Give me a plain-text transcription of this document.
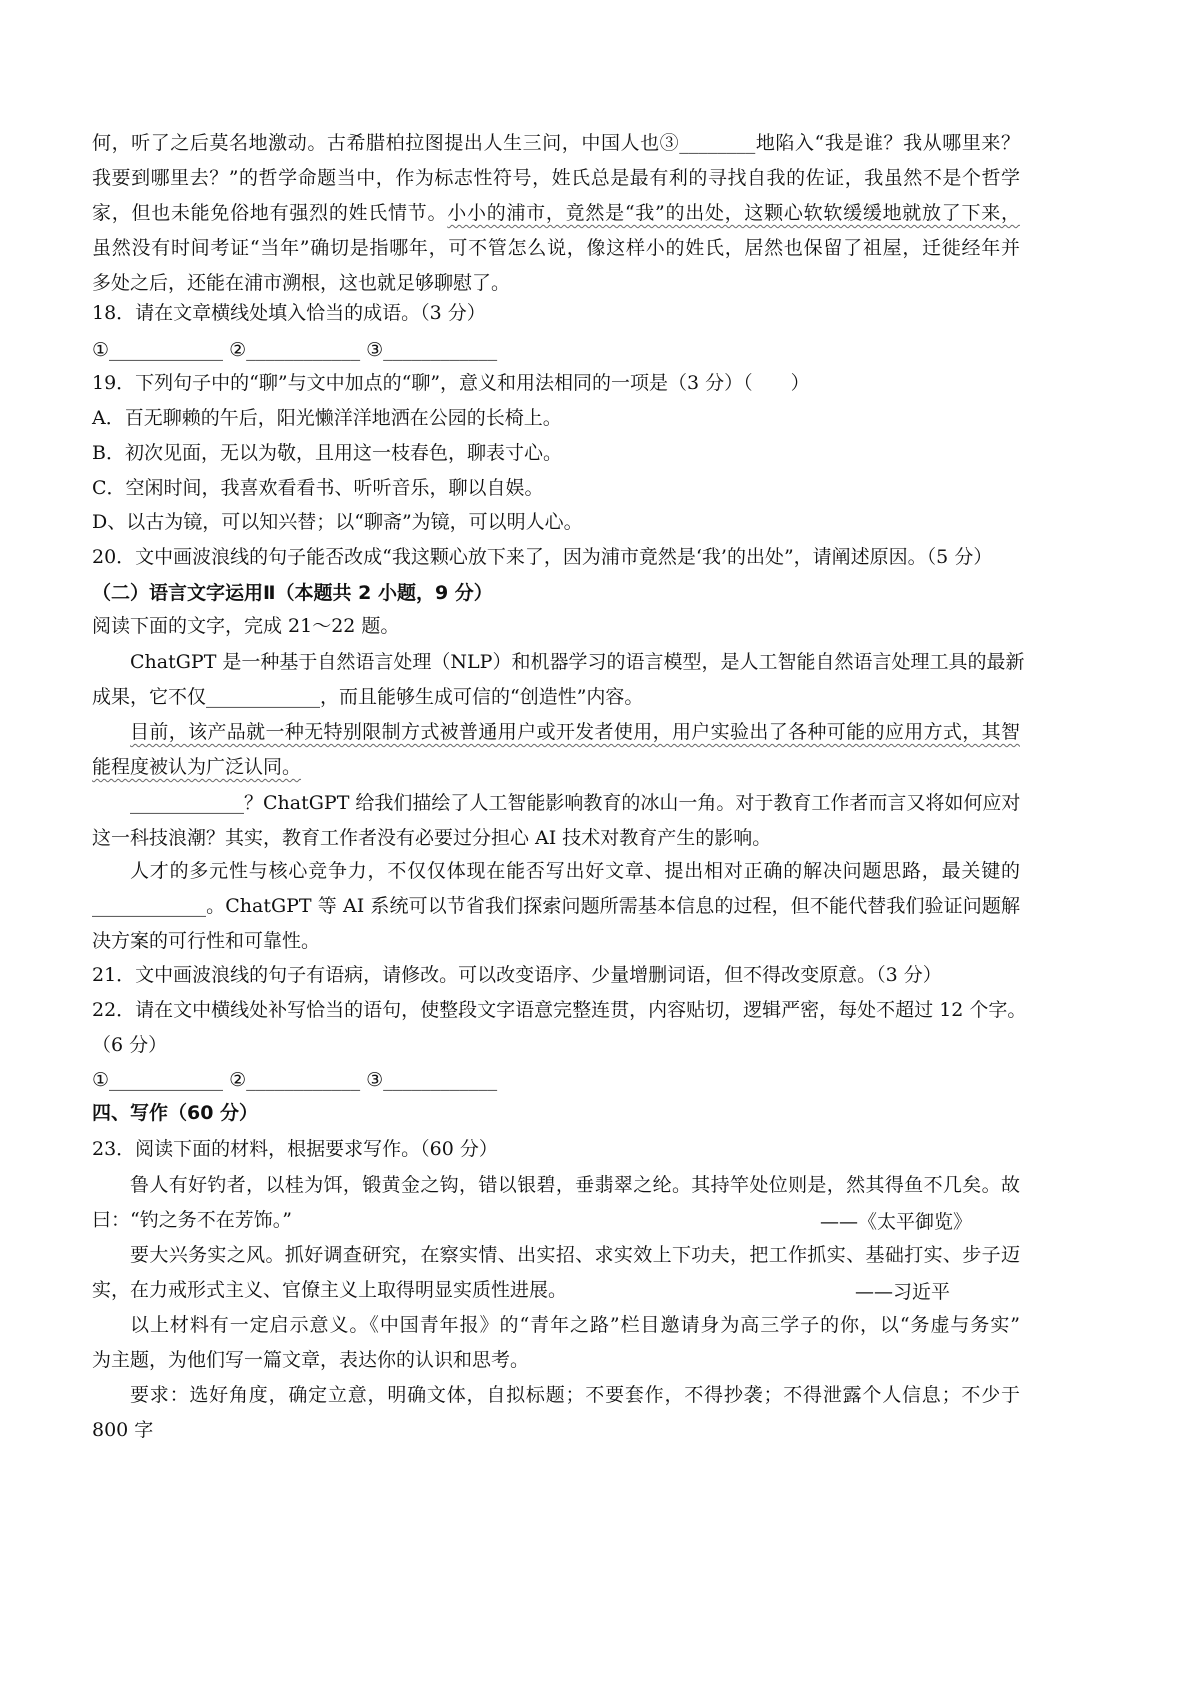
——《太平御览》
——习近平
何，听了之后莫名地激动。古希腊柏拉图提出人生三问，中国人也③________地陷入“我是谁？我从哪里来？
我要到哪里去？”的哲学命题当中，作为标志性符号，姓氏总是最有利的寻找自我的佐证，我虽然不是个哲学
家，但也未能免俗地有强烈的姓氏情节。小小的浦市，竟然是“我”的出处，这颗心软软缓缓地就放了下来，
虽然没有时间考证“当年”确切是指哪年，可不管怎么说，像这样小的姓氏，居然也保留了祖屋，迁徙经年并
多处之后，还能在浦市溯根，这也就足够聊慰了。
18．请在文章横线处填入恰当的成语。（3 分）
①____________ ②____________ ③____________
19．下列句子中的“聊”与文中加点的“聊”，意义和用法相同的一项是（3 分）（　　）
A．百无聊赖的午后，阳光懒洋洋地洒在公园的长椅上。
B．初次见面，无以为敬，且用这一枝春色，聊表寸心。
C．空闲时间，我喜欢看看书、听听音乐，聊以自娱。
D、以古为镜，可以知兴替；以“聊斋”为镜，可以明人心。
20．文中画波浪线的句子能否改成“我这颗心放下来了，因为浦市竟然是‘我’的出处”，请阐述原因。（5 分）
（二）语言文字运用Ⅱ（本题共 2 小题，9 分）
阅读下面的文字，完成 21～22 题。
ChatGPT 是一种基于自然语言处理（NLP）和机器学习的语言模型，是人工智能自然语言处理工具的最新
成果，它不仅____________，而且能够生成可信的“创造性”内容。
目前，该产品就一种无特别限制方式被普通用户或开发者使用，用户实验出了各种可能的应用方式，其智
能程度被认为广泛认同。
____________？ChatGPT 给我们描绘了人工智能影响教育的冰山一角。对于教育工作者而言又将如何应对
这一科技浪潮？其实，教育工作者没有必要过分担心 AI 技术对教育产生的影响。
人才的多元性与核心竞争力，不仅仅体现在能否写出好文章、提出相对正确的解决问题思路，最关键的
____________。ChatGPT 等 AI 系统可以节省我们探索问题所需基本信息的过程，但不能代替我们验证问题解
决方案的可行性和可靠性。
21．文中画波浪线的句子有语病，请修改。可以改变语序、少量增删词语，但不得改变原意。（3 分）
22．请在文中横线处补写恰当的语句，使整段文字语意完整连贯，内容贴切，逻辑严密，每处不超过 12 个字。
（6 分）
①____________ ②____________ ③____________
四、写作（60 分）
23．阅读下面的材料，根据要求写作。（60 分）
鲁人有好钓者，以桂为饵，锻黄金之钩，错以银碧，垂翡翠之纶。其持竿处位则是，然其得鱼不几矣。故
曰：“钓之务不在芳饰。”
要大兴务实之风。抓好调查研究，在察实情、出实招、求实效上下功夫，把工作抓实、基础打实、步子迈
实，在力戒形式主义、官僚主义上取得明显实质性进展。
以上材料有一定启示意义。《中国青年报》的“青年之路”栏目邀请身为高三学子的你，以“务虚与务实”
为主题，为他们写一篇文章，表达你的认识和思考。
要求：选好角度，确定立意，明确文体，自拟标题；不要套作，不得抄袭；不得泄露个人信息；不少于
800 字
